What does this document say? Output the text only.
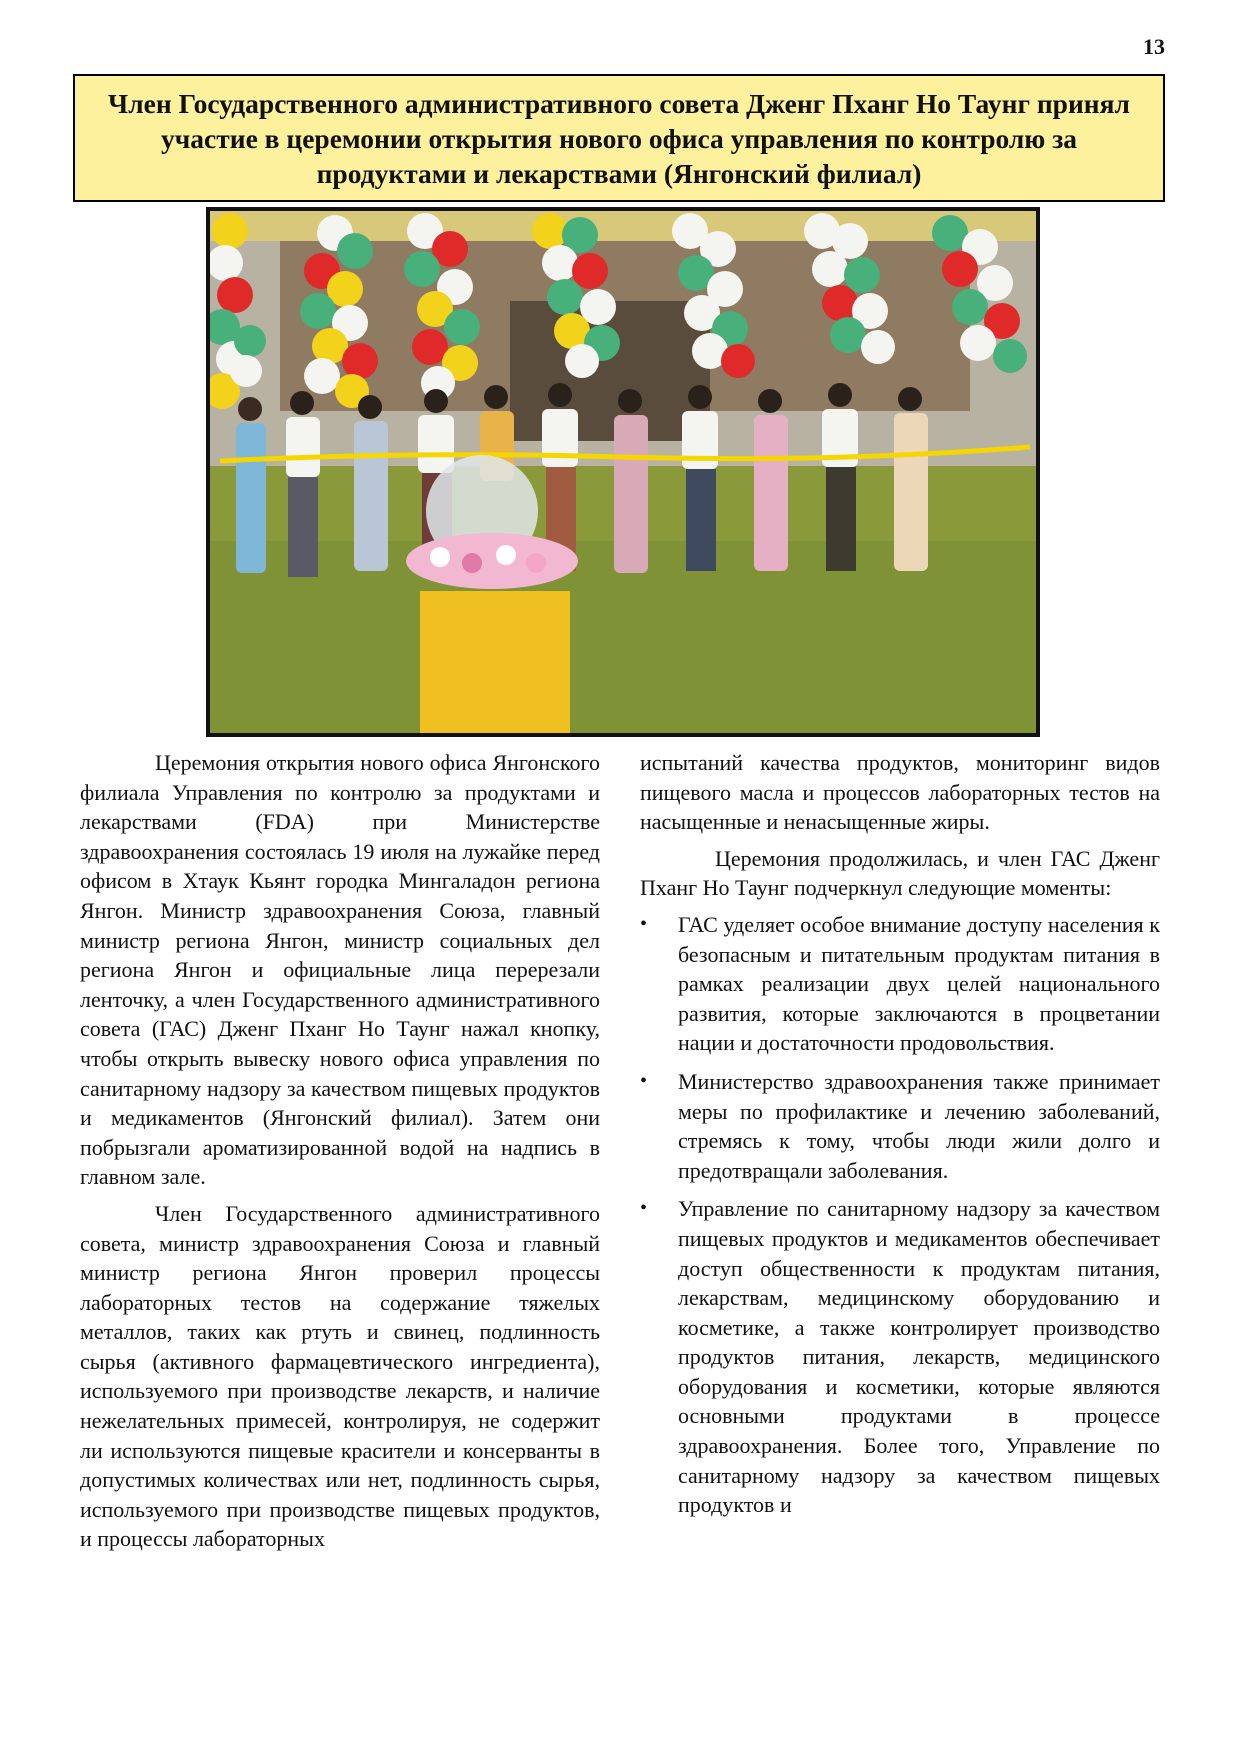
13
Член Государственного административного совета Дженг Пханг Но Таунг принял участие в церемонии открытия нового офиса управления по контролю за продуктами и лекарствами (Янгонский филиал)

Церемония открытия нового офиса Янгонского филиала Управления по контролю за продуктами и лекарствами (FDA) при Министерстве здравоохранения состоялась 19 июля на лужайке перед офисом в Хтаук Кьянт городка Мингаладон региона Янгон. Министр здравоохранения Союза, главный министр региона Янгон, министр социальных дел региона Янгон и официальные лица перерезали ленточку, а член Государственного административного совета (ГАС) Дженг Пханг Но Таунг нажал кнопку, чтобы открыть вывеску нового офиса управления по санитарному надзору за качеством пищевых продуктов и медикаментов (Янгонский филиал). Затем они побрызгали ароматизированной водой на надпись в главном зале.

Член Государственного административного совета, министр здравоохранения Союза и главный министр региона Янгон проверил процессы лабораторных тестов на содержание тяжелых металлов, таких как ртуть и свинец, подлинность сырья (активного фармацевтического ингредиента), используемого при производстве лекарств, и наличие нежелательных примесей, контролируя, не содержит ли используются пищевые красители и консерванты в допустимых количествах или нет, подлинность сырья, используемого при производстве пищевых продуктов, и процессы лабораторных

испытаний качества продуктов, мониторинг видов пищевого масла и процессов лабораторных тестов на насыщенные и ненасыщенные жиры.

Церемония продолжилась, и член ГАС Дженг Пханг Но Таунг подчеркнул следующие моменты:

•	ГАС уделяет особое внимание доступу населения к безопасным и питательным продуктам питания в рамках реализации двух целей национального развития, которые заключаются в процветании нации и достаточности продовольствия.
•	Министерство здравоохранения также принимает меры по профилактике и лечению заболеваний, стремясь к тому, чтобы люди жили долго и предотвращали заболевания.
•	Управление по санитарному надзору за качеством пищевых продуктов и медикаментов обеспечивает доступ общественности к продуктам питания, лекарствам, медицинскому оборудованию и косметике, а также контролирует производство продуктов питания, лекарств, медицинского оборудования и косметики, которые являются основными продуктами в процессе здравоохранения. Более того, Управление по санитарному надзору за качеством пищевых продуктов и
